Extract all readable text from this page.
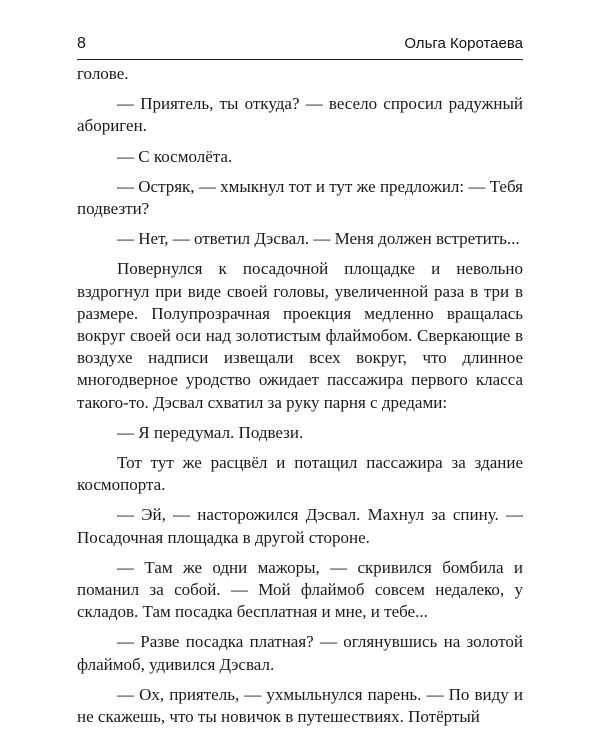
8	Ольга Коротаева

голове.

— Приятель, ты откуда? — весело спросил радужный абориген.

— С космолёта.

— Остряк, — хмыкнул тот и тут же предложил: — Тебя подвезти?

— Нет, — ответил Дэсвал. — Меня должен встретить...

Повернулся к посадочной площадке и невольно вздрогнул при виде своей головы, увеличенной раза в три в размере. Полупрозрачная проекция медленно вращалась вокруг своей оси над золотистым флаймобом. Сверкающие в воздухе надписи извещали всех вокруг, что длинное многодверное уродство ожидает пассажира первого класса такого-то. Дэсвал схватил за руку парня с дредами:

— Я передумал. Подвези.

Тот тут же расцвёл и потащил пассажира за здание космопорта.

— Эй, — насторожился Дэсвал. Махнул за спину. — Посадочная площадка в другой стороне.

— Там же одни мажоры, — скривился бомбила и поманил за собой. — Мой флаймоб совсем недалеко, у складов. Там посадка бесплатная и мне, и тебе...

— Разве посадка платная? — оглянувшись на золотой флаймоб, удивился Дэсвал.

— Ох, приятель, — ухмыльнулся парень. — По виду и не скажешь, что ты новичок в путешествиях. Потёртый
